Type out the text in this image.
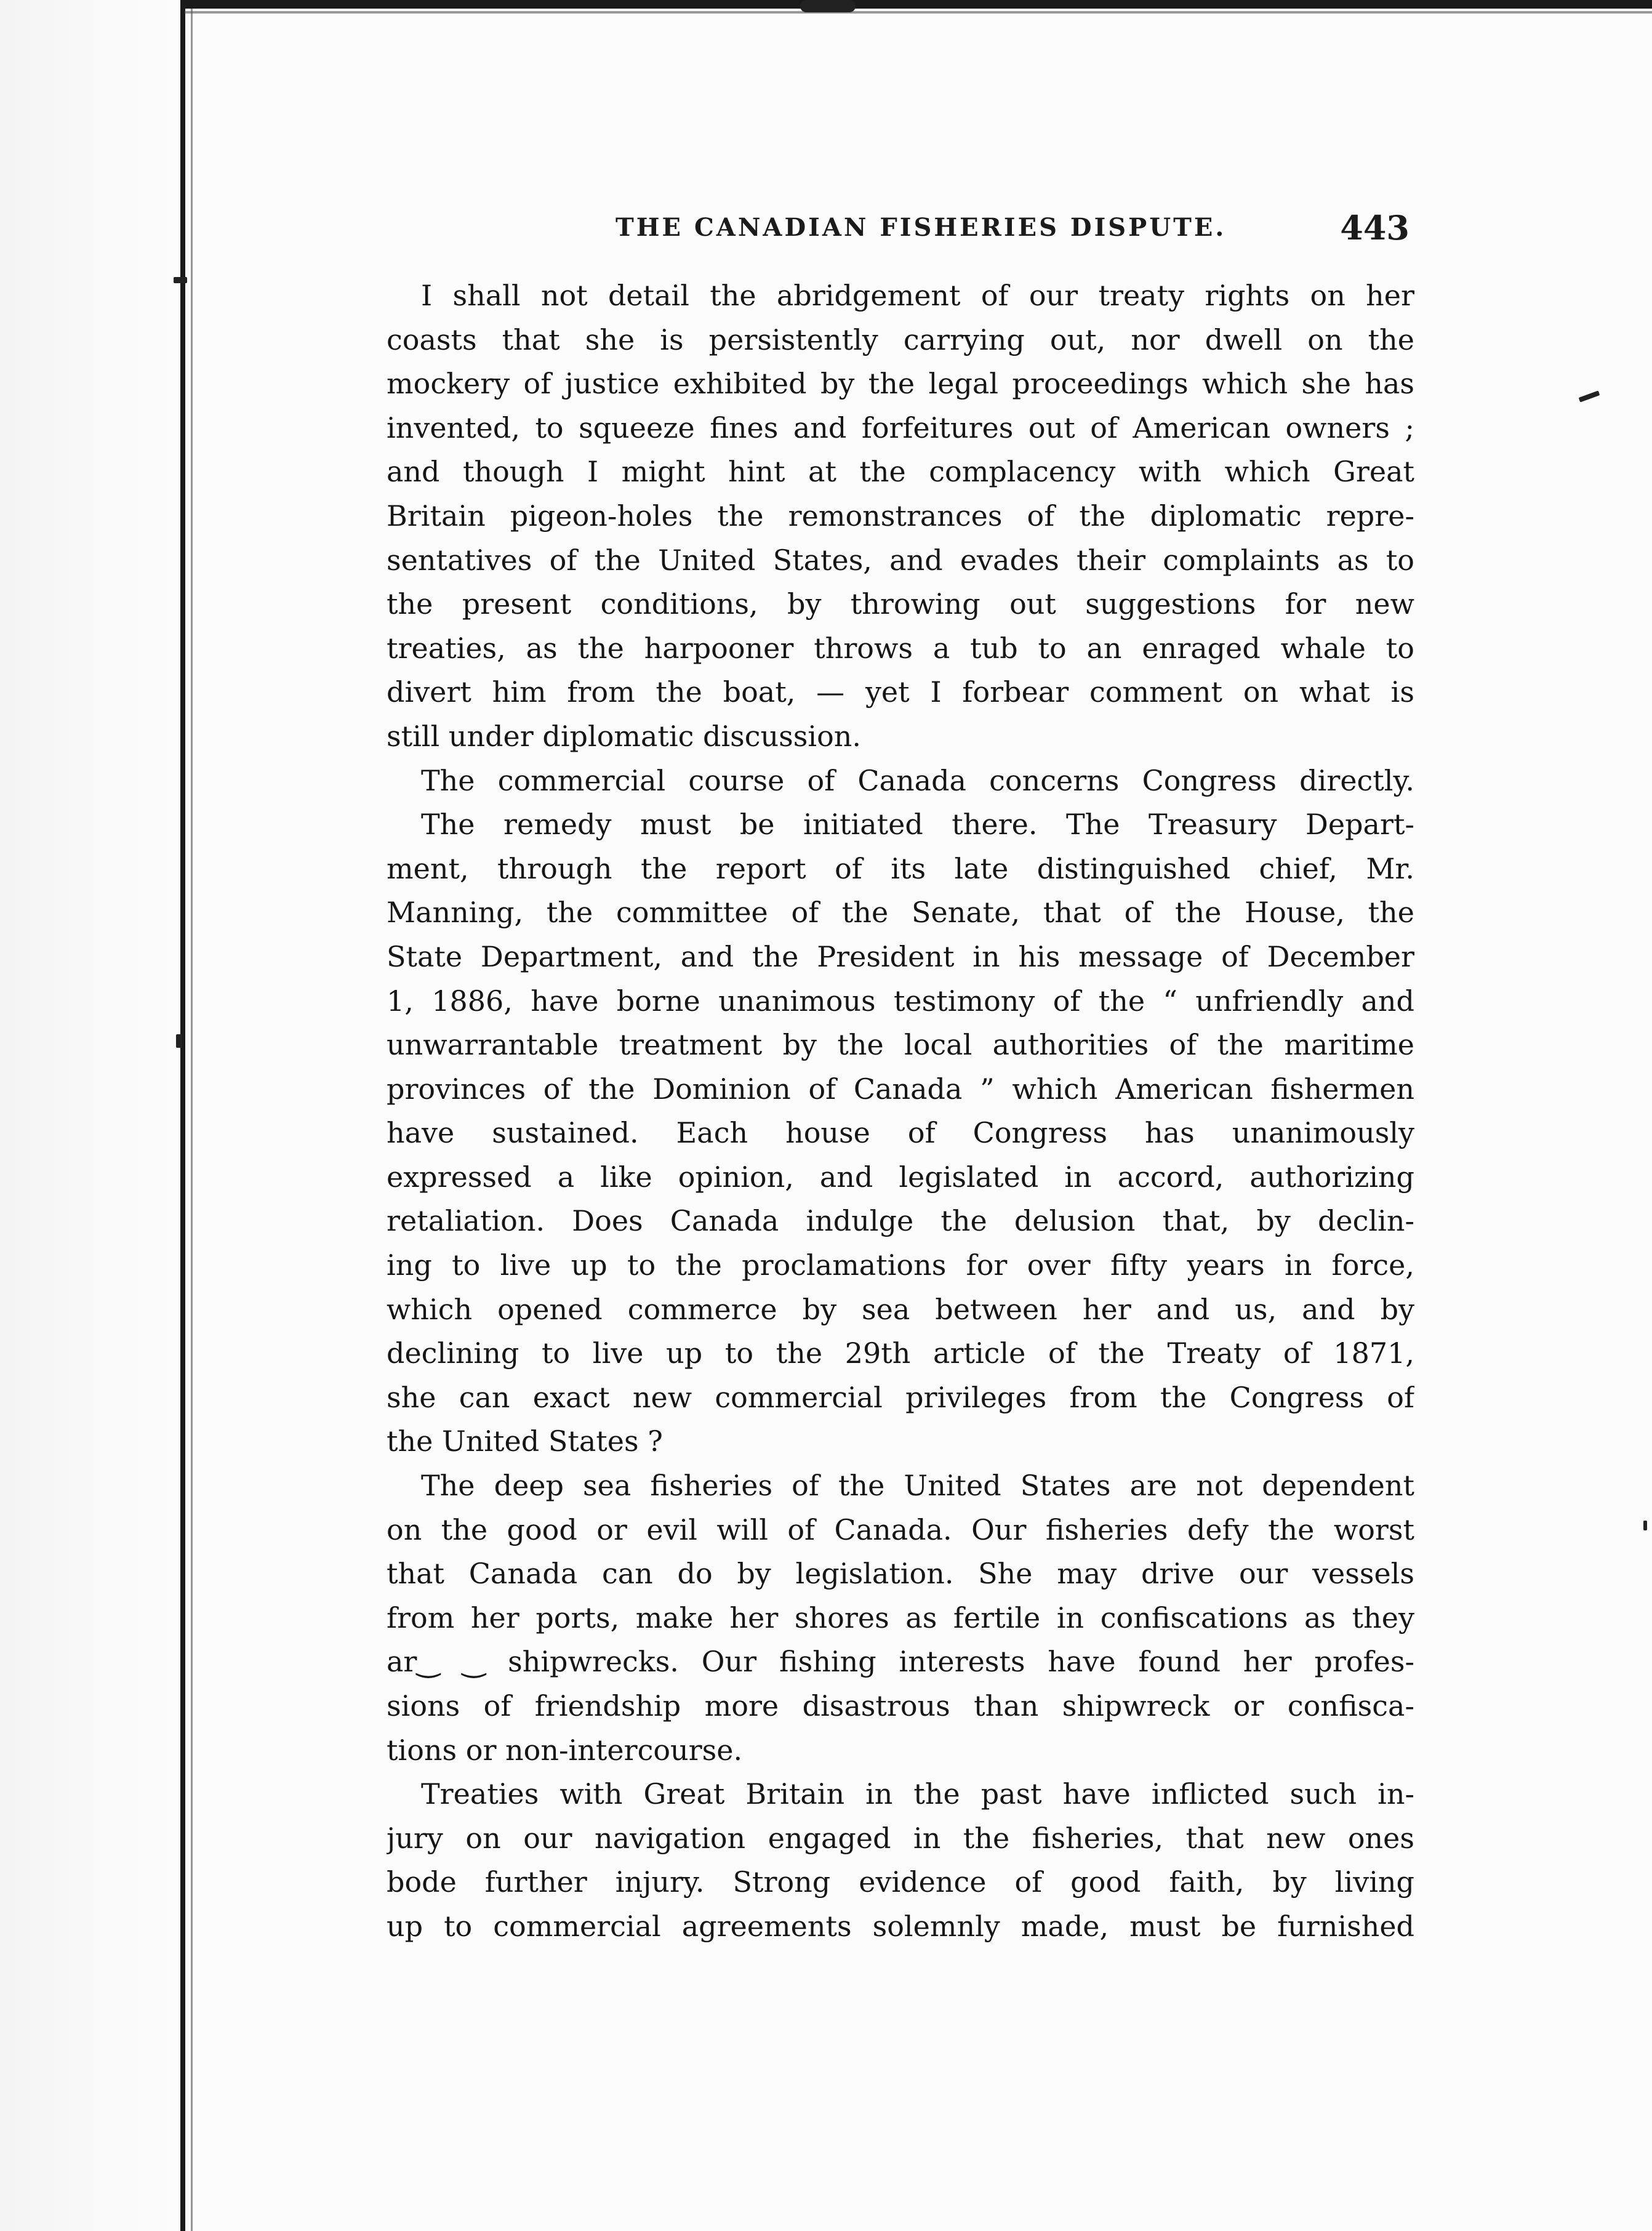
THE CANADIAN FISHERIES DISPUTE.	443
I shall not detail the abridgement of our treaty rights on her
coasts that she is persistently carrying out, nor dwell on the
mockery of justice exhibited by the legal proceedings which she has
invented, to squeeze fines and forfeitures out of American owners ;
and though I might hint at the complacency with which Great
Britain pigeon-holes the remonstrances of the diplomatic repre-
sentatives of the United States, and evades their complaints as to
the present conditions, by throwing out suggestions for new
treaties, as the harpooner throws a tub to an enraged whale to
divert him from the boat, — yet I forbear comment on what is
still under diplomatic discussion.
The commercial course of Canada concerns Congress directly.
The remedy must be initiated there. The Treasury Depart-
ment, through the report of its late distinguished chief, Mr.
Manning, the committee of the Senate, that of the House, the
State Department, and the President in his message of December
1, 1886, have borne unanimous testimony of the “ unfriendly and
unwarrantable treatment by the local authorities of the maritime
provinces of the Dominion of Canada ” which American fishermen
have sustained. Each house of Congress has unanimously
expressed a like opinion, and legislated in accord, authorizing
retaliation. Does Canada indulge the delusion that, by declin-
ing to live up to the proclamations for over fifty years in force,
which opened commerce by sea between her and us, and by
declining to live up to the 29th article of the Treaty of 1871,
she can exact new commercial privileges from the Congress of
the United States ?
The deep sea fisheries of the United States are not dependent
on the good or evil will of Canada. Our fisheries defy the worst
that Canada can do by legislation. She may drive our vessels
from her ports, make her shores as fertile in confiscations as they
ar‿ ‿ shipwrecks. Our fishing interests have found her profes-
sions of friendship more disastrous than shipwreck or confisca-
tions or non-intercourse.
Treaties with Great Britain in the past have inflicted such in-
jury on our navigation engaged in the fisheries, that new ones
bode further injury. Strong evidence of good faith, by living
up to commercial agreements solemnly made, must be furnished
